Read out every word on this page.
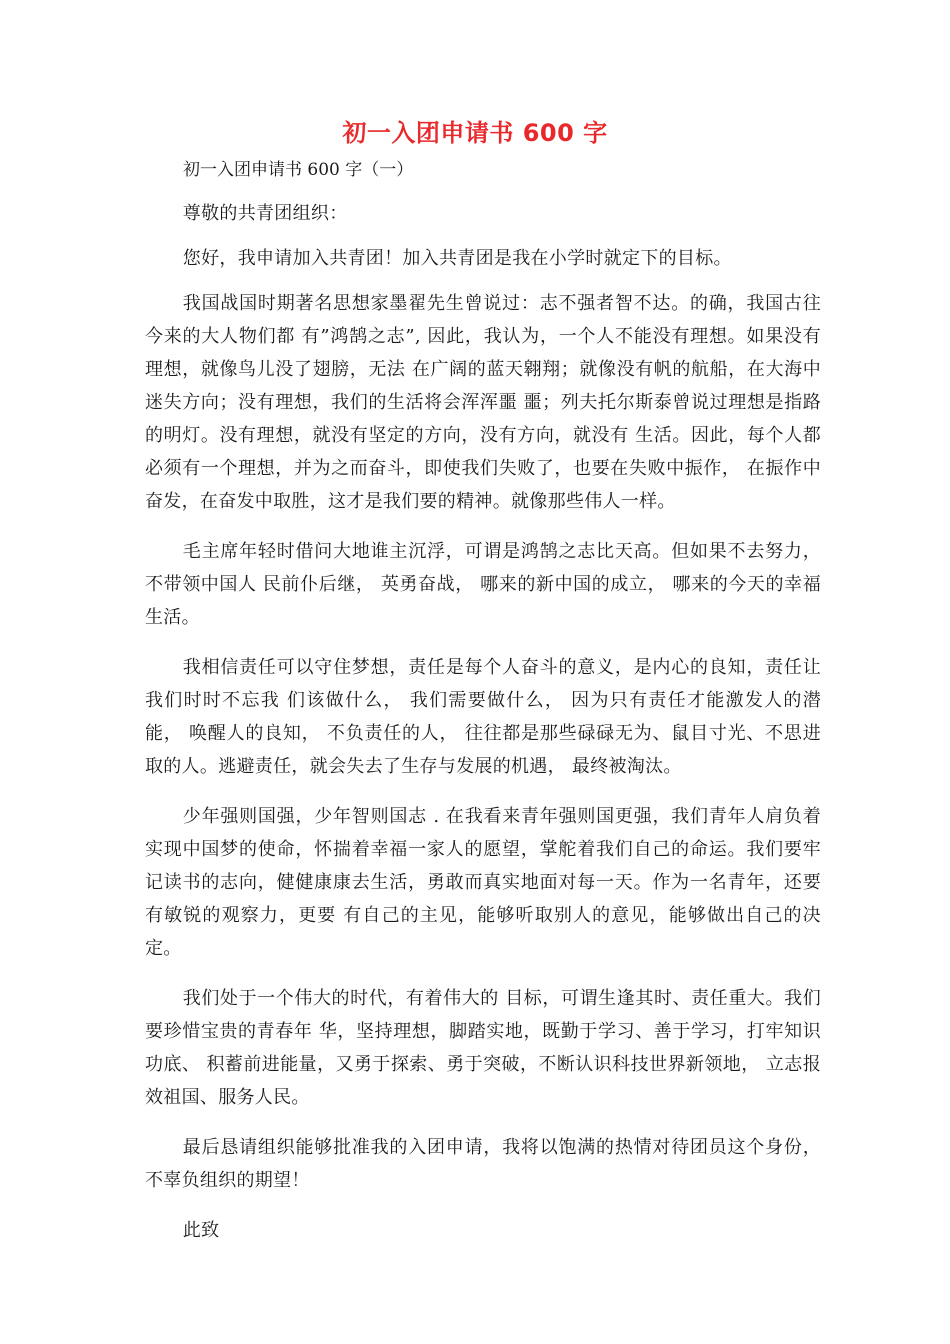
初一入团申请书 600 字

初一入团申请书 600 字（一）

尊敬的共青团组织：

您好，我申请加入共青团！加入共青团是我在小学时就定下的目标。

我国战国时期著名思想家墨翟先生曾说过：志不强者智不达。的确，我国古往今来的大人物们都 有”鸿鹄之志”, 因此，我认为，一个人不能没有理想。如果没有理想，就像鸟儿没了翅膀，无法 在广阔的蓝天翱翔；就像没有帆的航船，在大海中迷失方向；没有理想，我们的生活将会浑浑噩 噩；列夫托尔斯泰曾说过理想是指路的明灯。没有理想，就没有坚定的方向，没有方向，就没有 生活。因此，每个人都必须有一个理想，并为之而奋斗，即使我们失败了，也要在失败中振作， 在振作中奋发，在奋发中取胜，这才是我们要的精神。就像那些伟人一样。

毛主席年轻时借问大地谁主沉浮，可谓是鸿鹄之志比天高。但如果不去努力，不带领中国人 民前仆后继， 英勇奋战， 哪来的新中国的成立， 哪来的今天的幸福生活。

我相信责任可以守住梦想，责任是每个人奋斗的意义，是内心的良知，责任让我们时时不忘我 们该做什么， 我们需要做什么， 因为只有责任才能激发人的潜能， 唤醒人的良知， 不负责任的人， 往往都是那些碌碌无为、鼠目寸光、不思进取的人。逃避责任，就会失去了生存与发展的机遇， 最终被淘汰。

少年强则国强，少年智则国志 . 在我看来青年强则国更强，我们青年人肩负着实现中国梦的使命，怀揣着幸福一家人的愿望，掌舵着我们自己的命运。我们要牢记读书的志向，健健康康去生活，勇敢而真实地面对每一天。作为一名青年，还要有敏锐的观察力，更要 有自己的主见，能够听取别人的意见，能够做出自己的决定。

我们处于一个伟大的时代，有着伟大的 目标，可谓生逢其时、责任重大。我们要珍惜宝贵的青春年 华，坚持理想，脚踏实地，既勤于学习、善于学习，打牢知识功底、 积蓄前进能量，又勇于探索、勇于突破，不断认识科技世界新领地， 立志报效祖国、服务人民。

最后恳请组织能够批准我的入团申请，我将以饱满的热情对待团员这个身份，不辜负组织的期望！

此致
